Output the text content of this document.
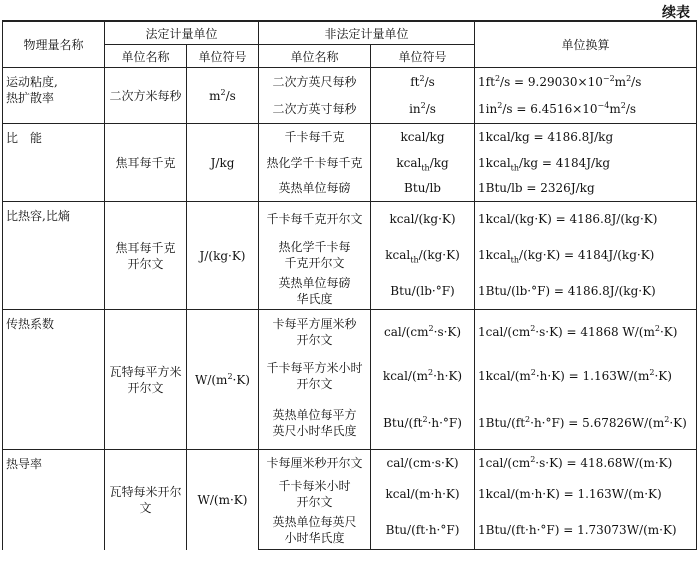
续表
物理量名称	法定计量单位		非法定计量单位		单位换算
	单位名称	单位符号	单位名称	单位符号	

运动粘度,
热扩散率	二次方米每秒	$m^2/s$	二次方英尺每秒	$ft^2/s$	$1ft^2/s = 9.29030\times 10^{-2}m^2/s$

			二次方英寸每秒	$in^2/s$	$1in^2/s = 6.4516\times 10^{-4}m^2/s$

比　能	焦耳每千克	J/kg	千卡每千克	kcal/kg	1kcal/kg = 4186.8J/kg

			热化学千卡每千克	kcal$_{th}$/kg	1kcal$_{th}$/kg = 4184J/kg

			英热单位每磅	Btu/lb	1Btu/lb = 2326J/kg

比热容,比熵	焦耳每千克
开尔文	J/(kg·K)	千卡每千克开尔文	kcal/(kg·K)	1kcal/(kg·K) = 4186.8J/(kg·K)

			热化学千卡每
千克开尔文	kcal$_{th}$/(kg·K)	1kcal$_{th}$/(kg·K) = 4184J/(kg·K)

			英热单位每磅
华氏度	Btu/(lb·°F)	1Btu/(lb·°F) = 4186.8J/(kg·K)

传热系数	瓦特每平方米
开尔文	$W/(m^2\cdot K)$	卡每平方厘米秒
开尔文	cal/$(cm^2\cdot s\cdot K)$	$1cal/(cm^2\cdot s\cdot K) = 41868$ $W/(m^2\cdot K)$

			千卡每平方米小时
开尔文	kcal/$(m^2\cdot h\cdot K)$	$1kcal/(m^2\cdot h\cdot K) = 1.163W/(m^2\cdot K)$

			英热单位每平方
英尺小时华氏度	Btu/$(ft^2\cdot h\cdot^\circ F)$	$1Btu/(ft^2\cdot h\cdot^\circ F) = 5.67826W/(m^2\cdot K)$

热导率	瓦特每米开尔文	W/(m·K)	卡每厘米秒开尔文	cal/(cm·s·K)	$1cal/(cm^2\cdot s\cdot K) = 418.68W/(m\cdot K)$

			千卡每米小时
开尔文	kcal/(m·h·K)	1kcal/(m·h·K) = 1.163W/(m·K)

			英热单位每英尺
小时华氏度	Btu/(ft·h·°F)	1Btu/(ft·h·°F) = 1.73073W/(m·K)
